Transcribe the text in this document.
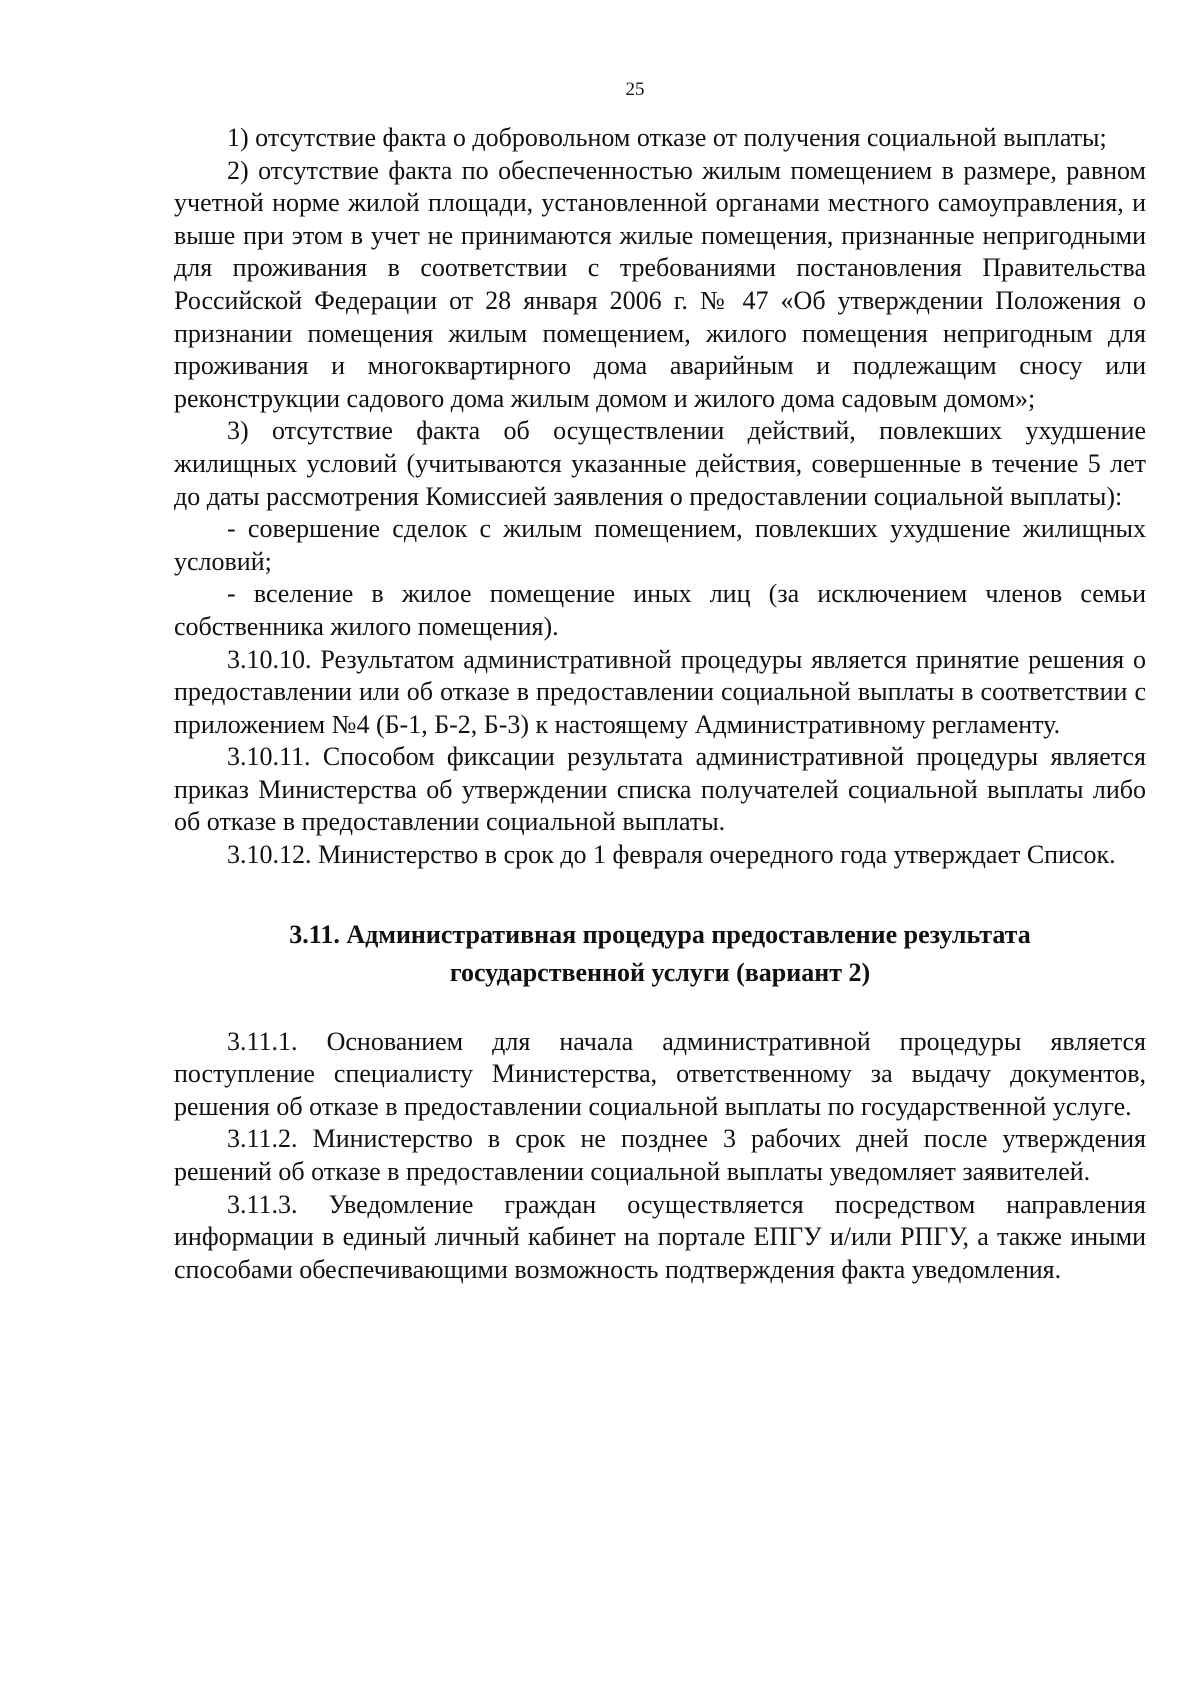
25

1) отсутствие факта о добровольном отказе от получения социальной выплаты;

2) отсутствие факта по обеспеченностью жилым помещением в размере, равном учетной норме жилой площади, установленной органами местного самоуправления, и выше при этом в учет не принимаются жилые помещения, признанные непригодными для проживания в соответствии с требованиями постановления Правительства Российской Федерации от 28 января 2006 г. № 47 «Об утверждении Положения о признании помещения жилым помещением, жилого помещения непригодным для проживания и многоквартирного дома аварийным и подлежащим сносу или реконструкции садового дома жилым домом и жилого дома садовым домом»;

3) отсутствие факта об осуществлении действий, повлекших ухудшение жилищных условий (учитываются указанные действия, совершенные в течение 5 лет до даты рассмотрения Комиссией заявления о предоставлении социальной выплаты):

- совершение сделок с жилым помещением, повлекших ухудшение жилищных условий;

- вселение в жилое помещение иных лиц (за исключением членов семьи собственника жилого помещения).

3.10.10. Результатом административной процедуры является принятие решения о предоставлении или об отказе в предоставлении социальной выплаты в соответствии с приложением №4 (Б-1, Б-2, Б-3) к настоящему Административному регламенту.

3.10.11. Способом фиксации результата административной процедуры является приказ Министерства об утверждении списка получателей социальной выплаты либо об отказе в предоставлении социальной выплаты.

3.10.12. Министерство в срок до 1 февраля очередного года утверждает Список.

3.11. Административная процедура предоставление результата государственной услуги (вариант 2)

3.11.1. Основанием для начала административной процедуры является поступление специалисту Министерства, ответственному за выдачу документов, решения об отказе в предоставлении социальной выплаты по государственной услуге.

3.11.2. Министерство в срок не позднее 3 рабочих дней после утверждения решений об отказе в предоставлении социальной выплаты уведомляет заявителей.

3.11.3. Уведомление граждан осуществляется посредством направления информации в единый личный кабинет на портале ЕПГУ и/или РПГУ, а также иными способами обеспечивающими возможность подтверждения факта уведомления.
